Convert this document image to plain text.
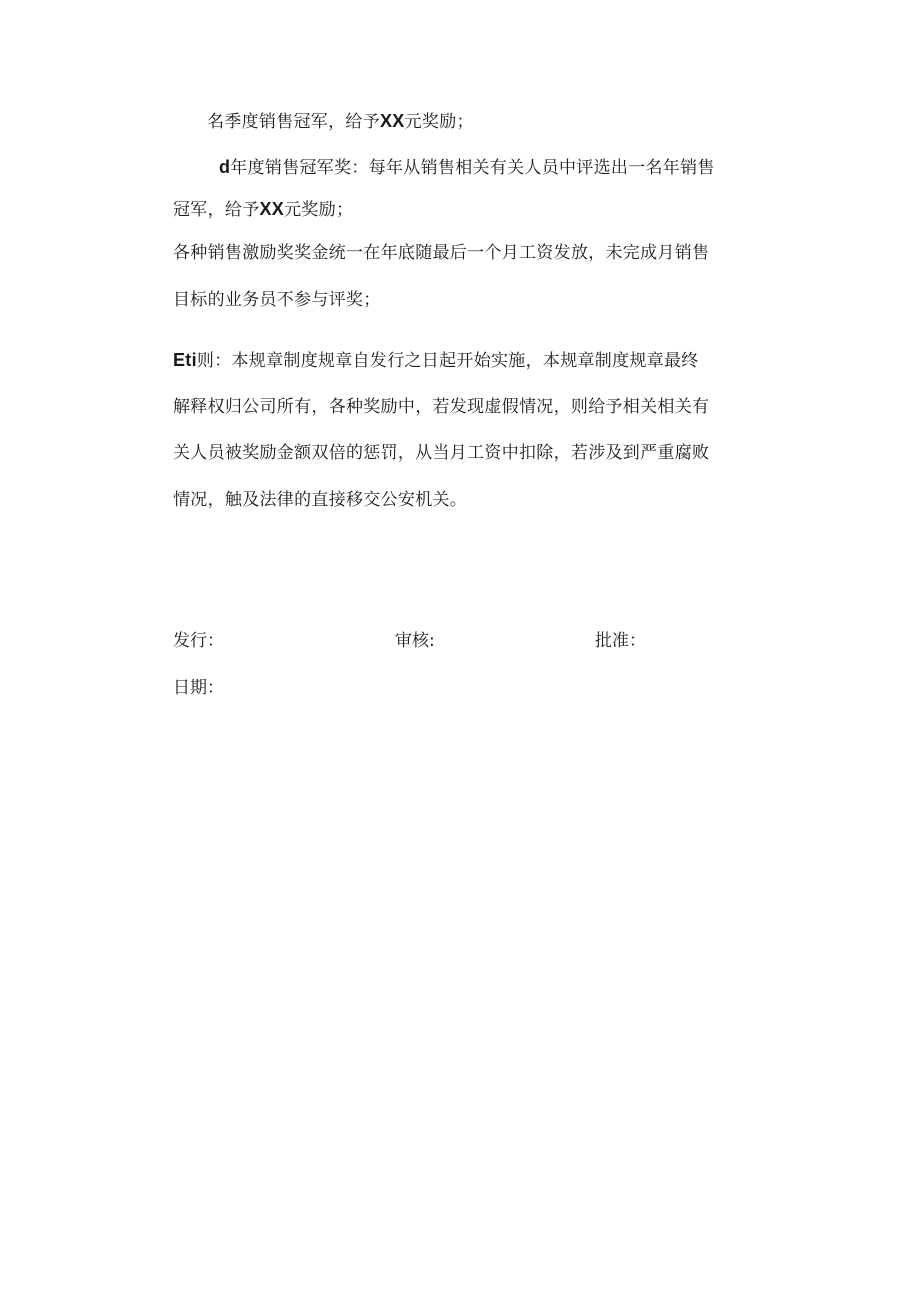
名季度销售冠军，给予XX元奖励；
d年度销售冠军奖：每年从销售相关有关人员中评选出一名年销售
冠军，给予XX元奖励；
各种销售激励奖奖金统一在年底随最后一个月工资发放，未完成月销售
目标的业务员不参与评奖；
Eti则：本规章制度规章自发行之日起开始实施，本规章制度规章最终
解释权归公司所有，各种奖励中，若发现虚假情况，则给予相关相关有
关人员被奖励金额双倍的惩罚，从当月工资中扣除，若涉及到严重腐败
情况，触及法律的直接移交公安机关。
发行：	审核:	批准：
日期：
